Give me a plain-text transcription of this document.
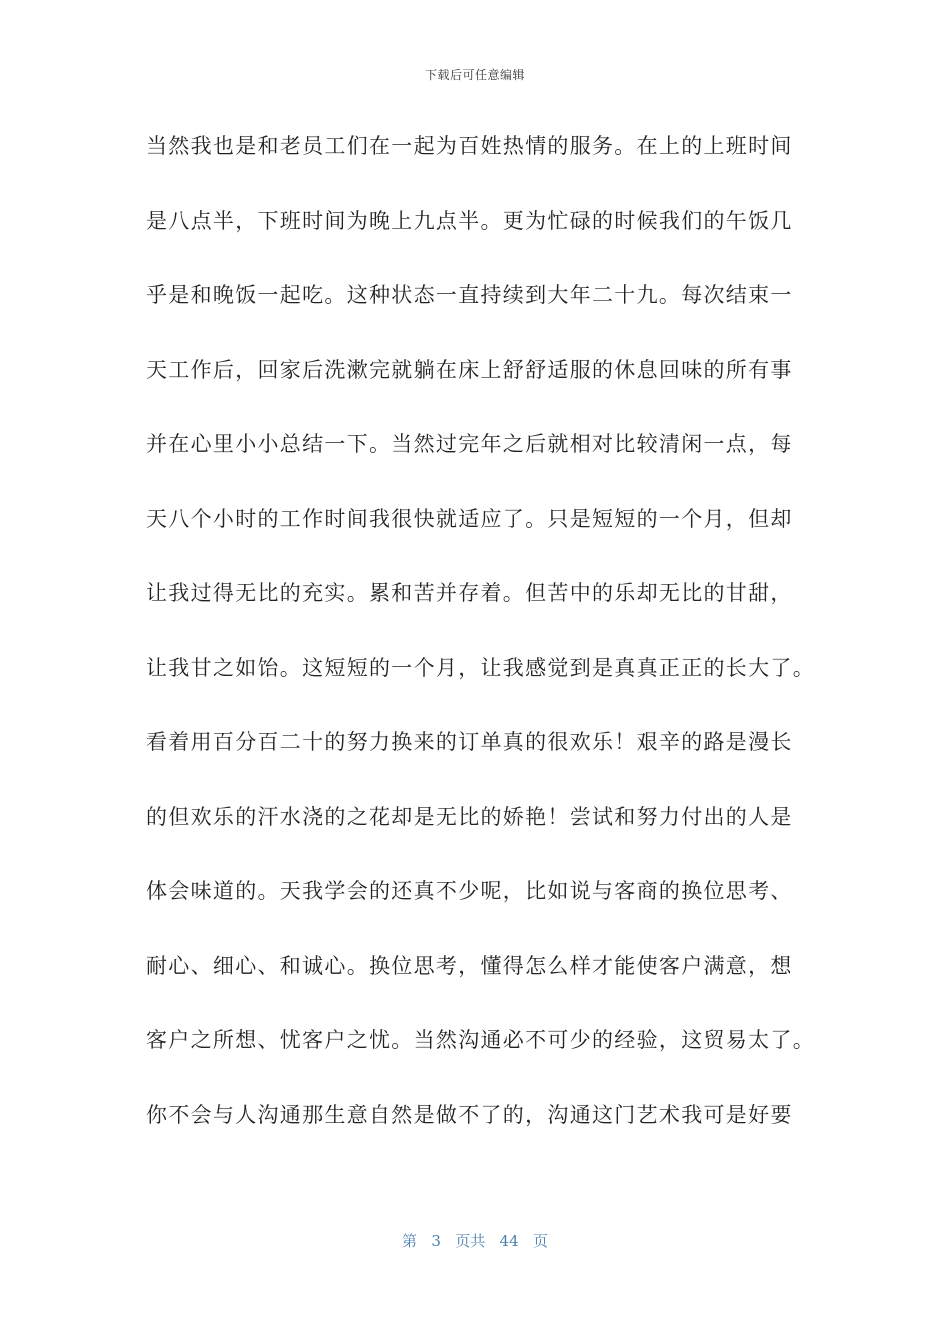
下载后可任意编辑
当然我也是和老员工们在一起为百姓热情的服务。在上的上班时间
是八点半，下班时间为晚上九点半。更为忙碌的时候我们的午饭几
乎是和晚饭一起吃。这种状态一直持续到大年二十九。每次结束一
天工作后，回家后洗漱完就躺在床上舒舒适服的休息回味的所有事
并在心里小小总结一下。当然过完年之后就相对比较清闲一点，每
天八个小时的工作时间我很快就适应了。只是短短的一个月，但却
让我过得无比的充实。累和苦并存着。但苦中的乐却无比的甘甜，
让我甘之如饴。这短短的一个月，让我感觉到是真真正正的长大了。
看着用百分百二十的努力换来的订单真的很欢乐！艰辛的路是漫长
的但欢乐的汗水浇的之花却是无比的娇艳！尝试和努力付出的人是
体会味道的。天我学会的还真不少呢，比如说与客商的换位思考、
耐心、细心、和诚心。换位思考，懂得怎么样才能使客户满意，想
客户之所想、忧客户之忧。当然沟通必不可少的经验，这贸易太了。
你不会与人沟通那生意自然是做不了的，沟通这门艺术我可是好要
第 3 页共 44 页
